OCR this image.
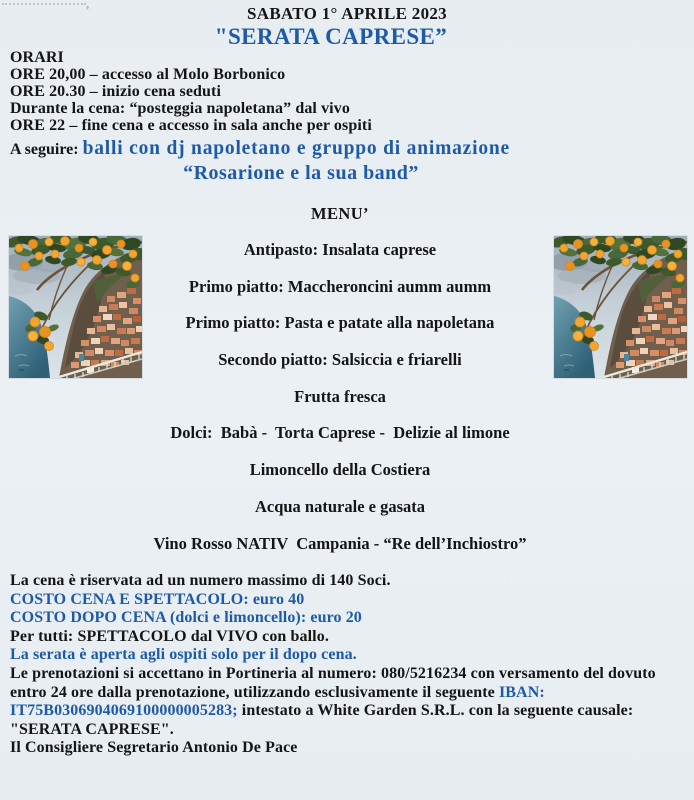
,
SABATO 1° APRILE 2023
"SERATA CAPRESE”
ORARI
ORE 20,00 – accesso al Molo Borbonico
ORE 20.30 – inizio cena seduti
Durante la cena: “posteggia napoletana” dal vivo
ORE 22 – fine cena e accesso in sala anche per ospiti
A seguire: balli con dj napoletano e gruppo di animazione
“Rosarione e la sua band”
MENU’
Antipasto: Insalata caprese
Primo piatto: Maccheroncini aumm aumm
Primo piatto: Pasta e patate alla napoletana
Secondo piatto: Salsiccia e friarelli
Frutta fresca
Dolci:  Babà -  Torta Caprese -  Delizie al limone
Limoncello della Costiera
Acqua naturale e gasata
Vino Rosso NATIV  Campania - “Re dell’Inchiostro”
La cena è riservata ad un numero massimo di 140 Soci.
COSTO CENA E SPETTACOLO: euro 40
COSTO DOPO CENA (dolci e limoncello): euro 20
Per tutti: SPETTACOLO dal VIVO con ballo.
La serata è aperta agli ospiti solo per il dopo cena.
Le prenotazioni si accettano in Portineria al numero: 080/5216234 con versamento del dovuto entro 24 ore dalla prenotazione, utilizzando esclusivamente il seguente IBAN: IT75B0306904069100000005283; intestato a White Garden S.R.L. con la seguente causale: "SERATA CAPRESE".
Il Consigliere Segretario Antonio De Pace
